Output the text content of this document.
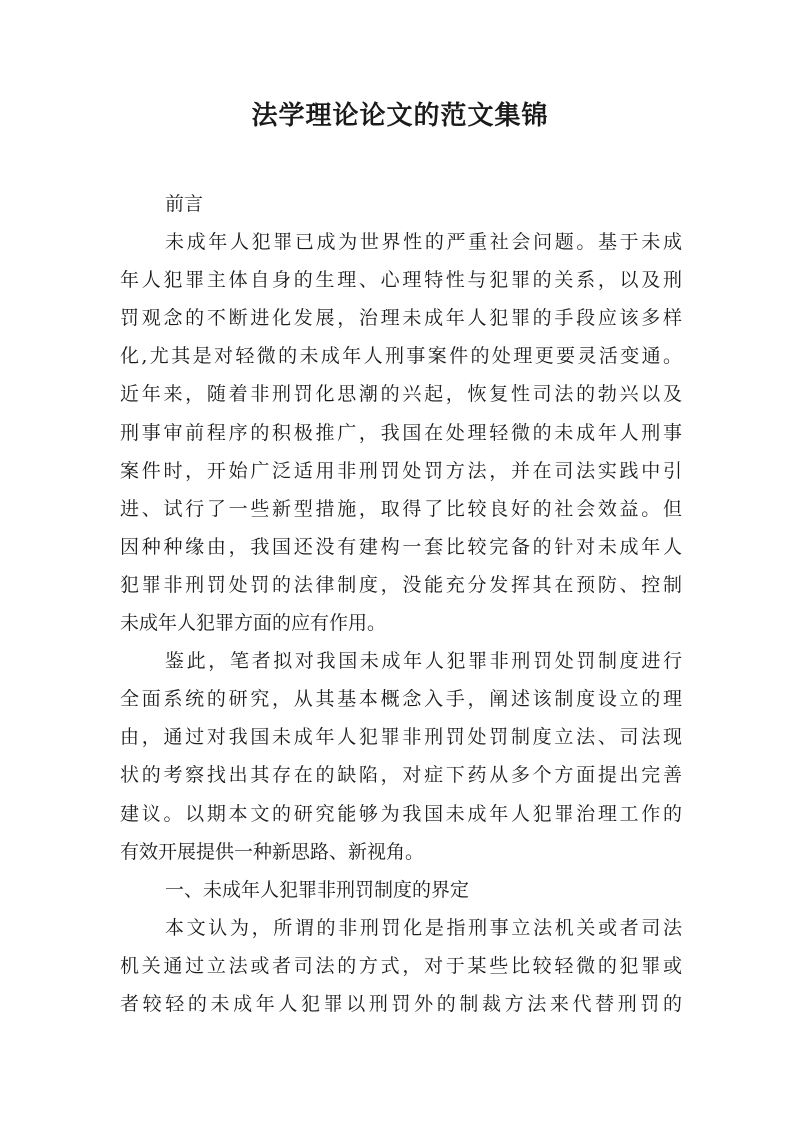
法学理论论文的范文集锦
前言
未成年人犯罪已成为世界性的严重社会问题。基于未成
年人犯罪主体自身的生理、心理特性与犯罪的关系，以及刑
罚观念的不断进化发展，治理未成年人犯罪的手段应该多样
化,尤其是对轻微的未成年人刑事案件的处理更要灵活变通。
近年来，随着非刑罚化思潮的兴起，恢复性司法的勃兴以及
刑事审前程序的积极推广，我国在处理轻微的未成年人刑事
案件时，开始广泛适用非刑罚处罚方法，并在司法实践中引
进、试行了一些新型措施，取得了比较良好的社会效益。但
因种种缘由，我国还没有建构一套比较完备的针对未成年人
犯罪非刑罚处罚的法律制度，没能充分发挥其在预防、控制
未成年人犯罪方面的应有作用。
鉴此，笔者拟对我国未成年人犯罪非刑罚处罚制度进行
全面系统的研究，从其基本概念入手，阐述该制度设立的理
由，通过对我国未成年人犯罪非刑罚处罚制度立法、司法现
状的考察找出其存在的缺陷，对症下药从多个方面提出完善
建议。以期本文的研究能够为我国未成年人犯罪治理工作的
有效开展提供一种新思路、新视角。
一、未成年人犯罪非刑罚制度的界定
本文认为，所谓的非刑罚化是指刑事立法机关或者司法
机关通过立法或者司法的方式，对于某些比较轻微的犯罪或
者较轻的未成年人犯罪以刑罚外的制裁方法来代替刑罚的
